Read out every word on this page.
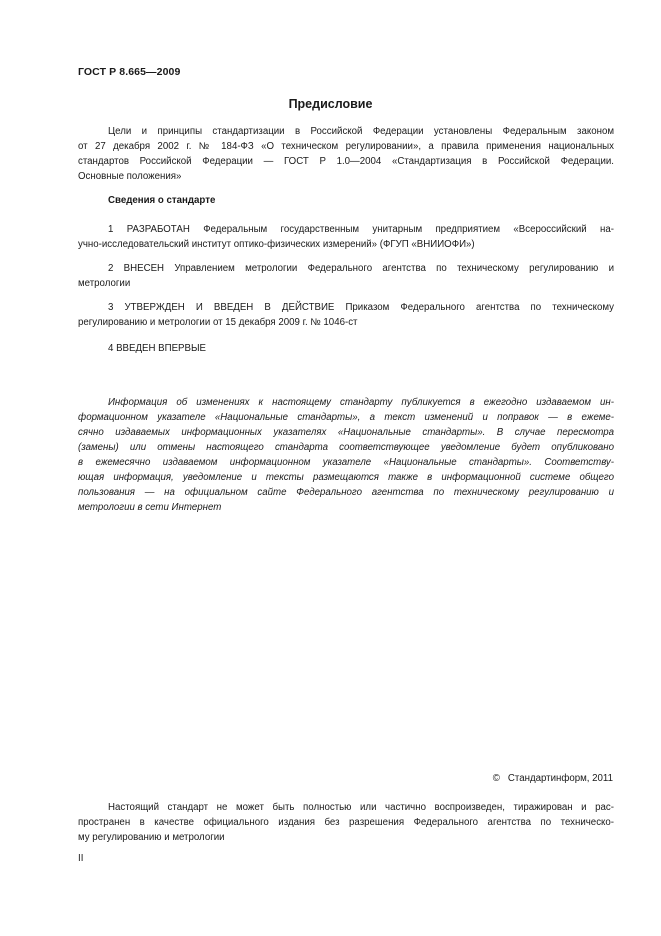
ГОСТ Р 8.665—2009
Предисловие
Цели и принципы стандартизации в Российской Федерации установлены Федеральным законом
от 27 декабря 2002 г. № 184-ФЗ «О техническом регулировании», а правила применения национальных
стандартов Российской Федерации — ГОСТ Р 1.0—2004 «Стандартизация в Российской Федерации.
Основные положения»
Сведения о стандарте
1 РАЗРАБОТАН Федеральным государственным унитарным предприятием «Всероссийский на-
учно-исследовательский институт оптико-физических измерений» (ФГУП «ВНИИОФИ»)
2 ВНЕСЕН Управлением метрологии Федерального агентства по техническому регулированию и
метрологии
3 УТВЕРЖДЕН И ВВЕДЕН В ДЕЙСТВИЕ Приказом Федерального агентства по техническому
регулированию и метрологии от 15 декабря 2009 г. № 1046-ст
4 ВВЕДЕН ВПЕРВЫЕ
Информация об изменениях к настоящему стандарту публикуется в ежегодно издаваемом ин-
формационном указателе «Национальные стандарты», а текст изменений и поправок — в ежеме-
сячно издаваемых информационных указателях «Национальные стандарты». В случае пересмотра
(замены) или отмены настоящего стандарта соответствующее уведомление будет опубликовано
в ежемесячно издаваемом информационном указателе «Национальные стандарты». Соответству-
ющая информация, уведомление и тексты размещаются также в информационной системе общего
пользования — на официальном сайте Федерального агентства по техническому регулированию и
метрологии в сети Интернет
© Стандартинформ, 2011
Настоящий стандарт не может быть полностью или частично воспроизведен, тиражирован и рас-
пространен в качестве официального издания без разрешения Федерального агентства по техническо-
му регулированию и метрологии
II
